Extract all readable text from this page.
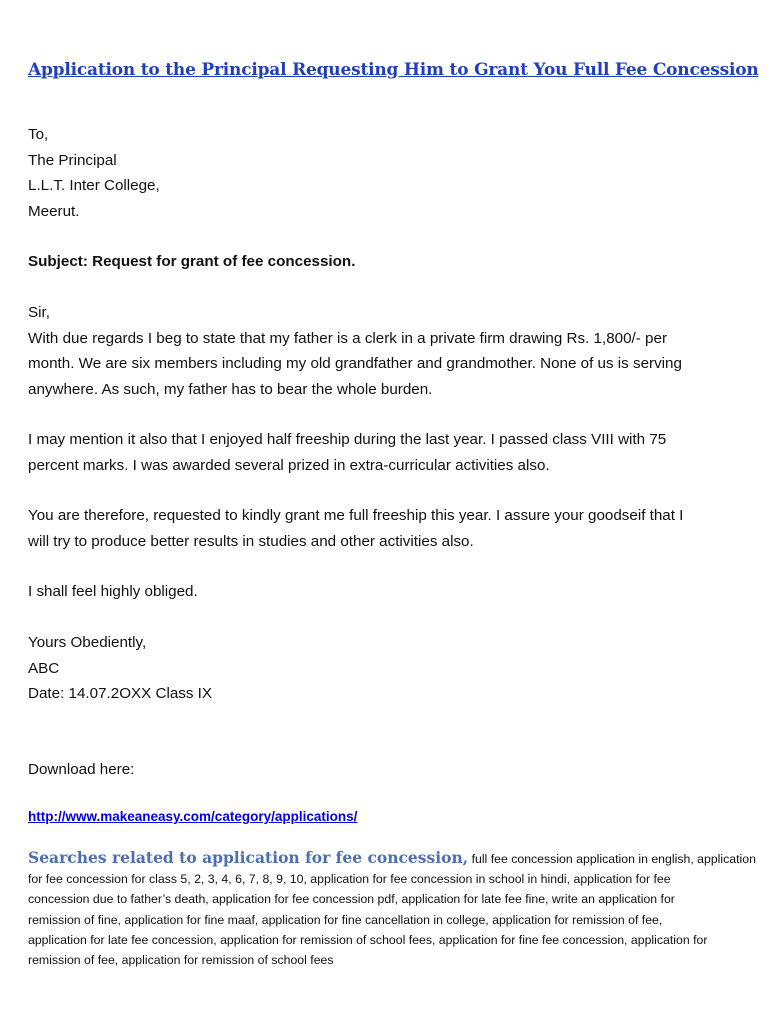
Application to the Principal Requesting Him to Grant You Full Fee Concession

To,

The Principal

L.L.T. Inter College,

Meerut.

Subject: Request for grant of fee concession.

Sir,

With due regards I beg to state that my father is a clerk in a private firm drawing Rs. 1,800/- per

month. We are six members including my old grandfather and grandmother. None of us is serving

anywhere. As such, my father has to bear the whole burden.

I may mention it also that I enjoyed half freeship during the last year. I passed class VIII with 75

percent marks. I was awarded several prized in extra-curricular activities also.

You are therefore, requested to kindly grant me full freeship this year. I assure your goodseif that I

will try to produce better results in studies and other activities also.

I shall feel highly obliged.

Yours Obediently,

ABC

Date: 14.07.2OXX Class IX

Download here:

http://www.makeaneasy.com/category/applications/
Searches related to application for fee concession, full fee concession application in english, application
for fee concession for class 5, 2, 3, 4, 6, 7, 8, 9, 10, application for fee concession in school in hindi, application for fee
concession due to father’s death, application for fee concession pdf, application for late fee fine, write an application for
remission of fine, application for fine maaf, application for fine cancellation in college, application for remission of fee,
application for late fee concession, application for remission of school fees, application for fine fee concession, application for
remission of fee, application for remission of school fees
